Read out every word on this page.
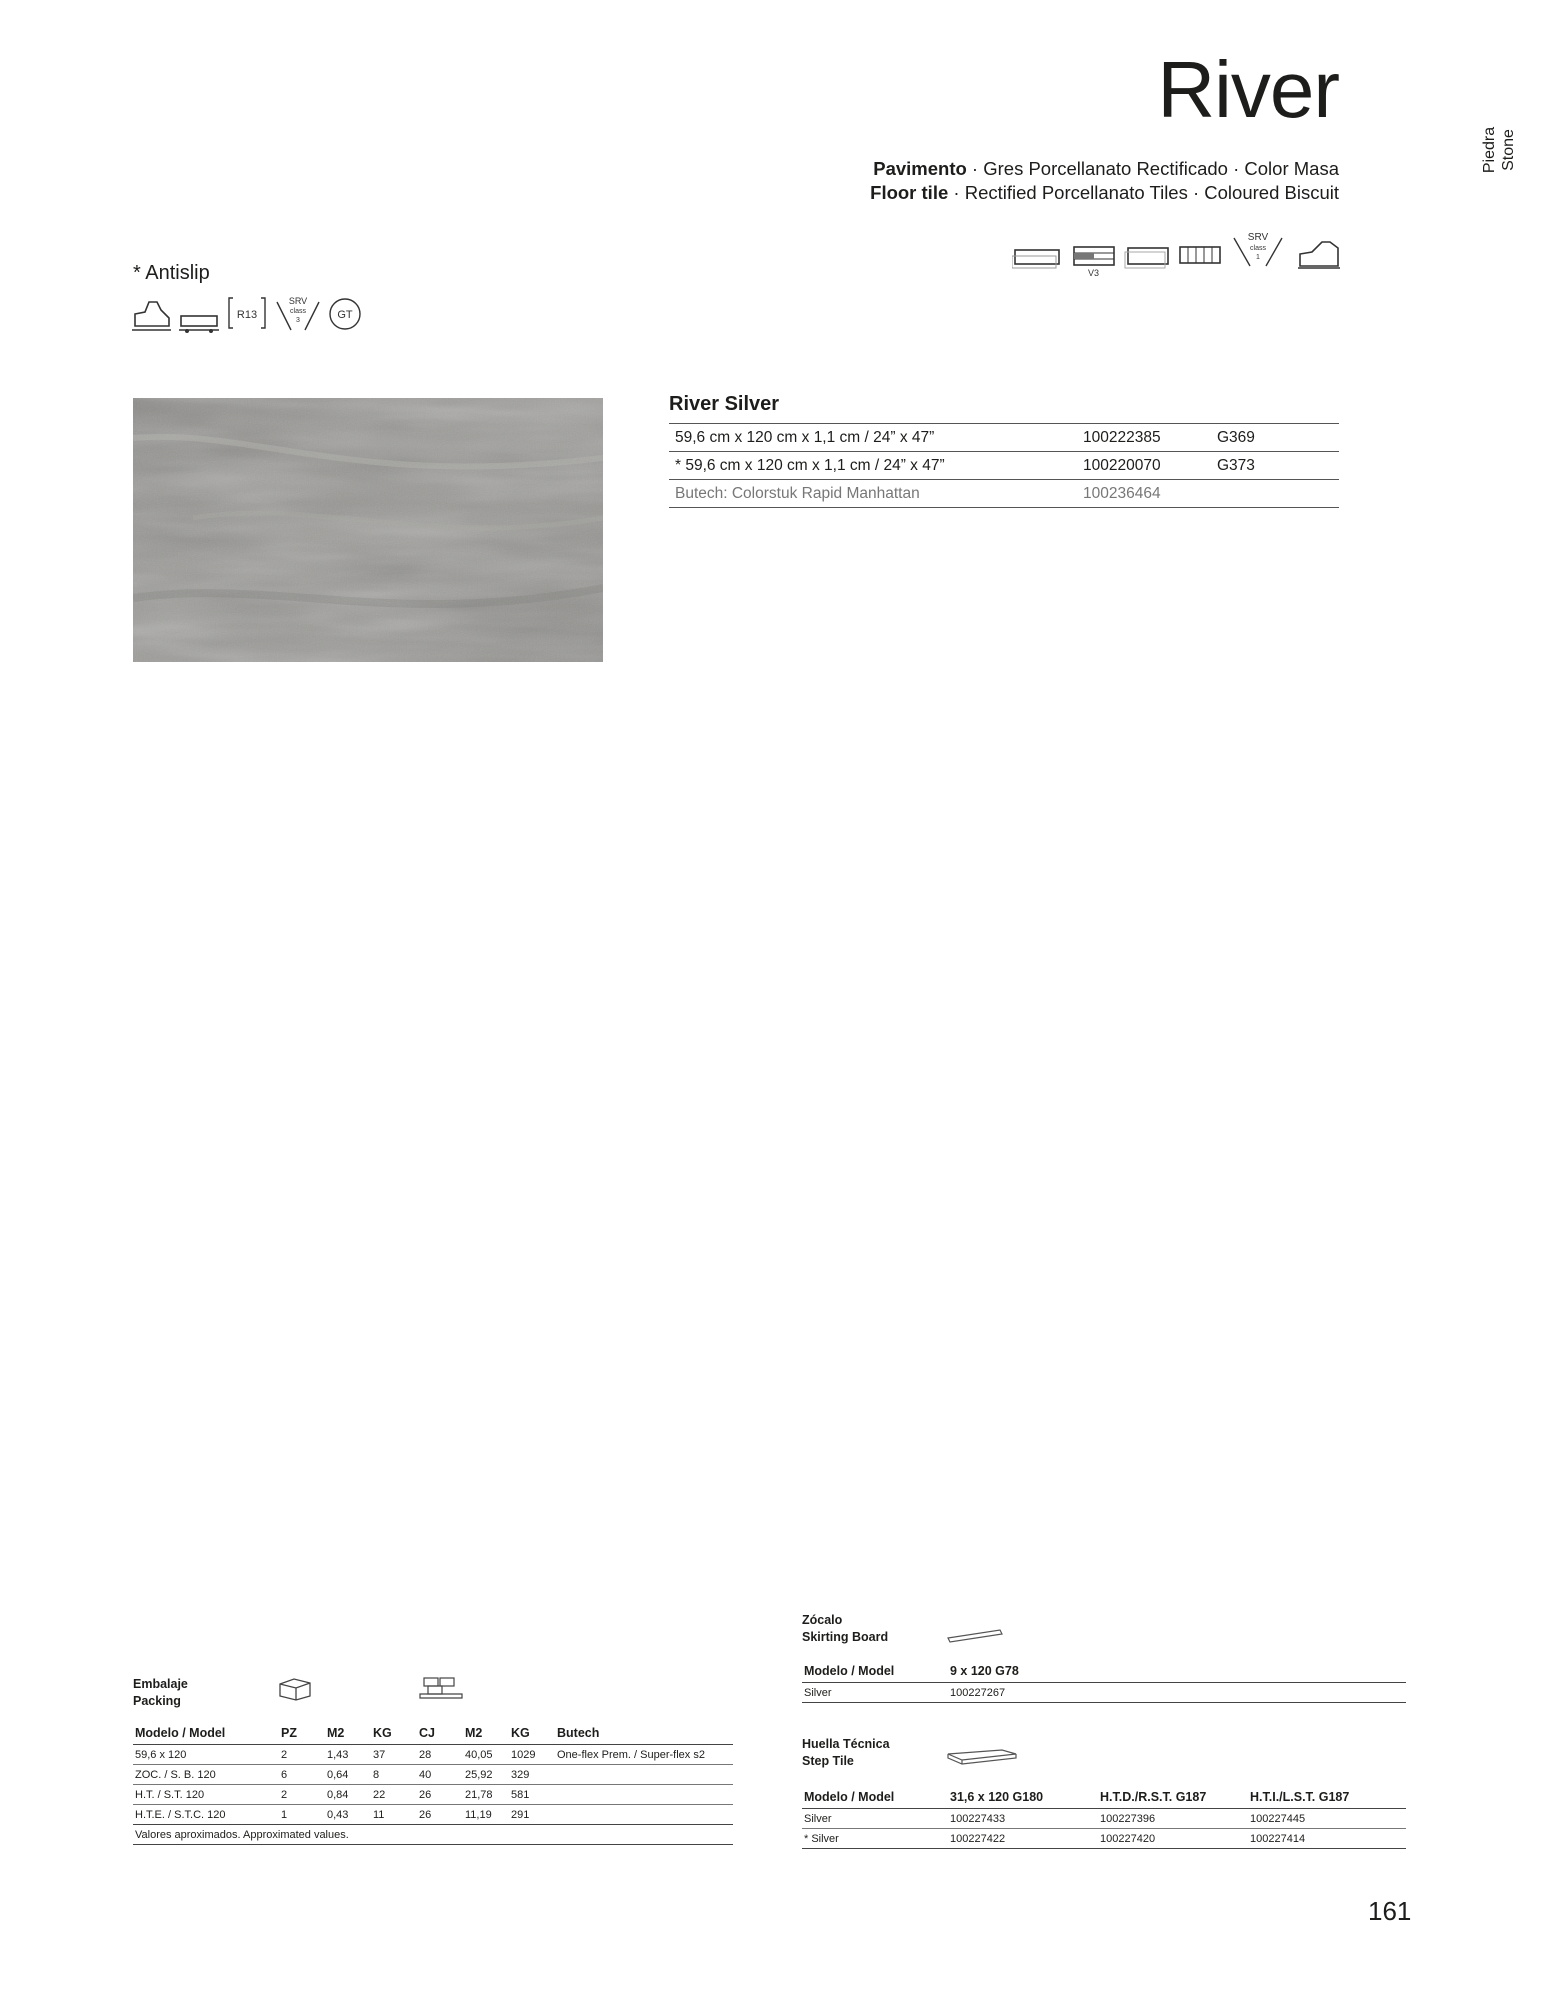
River
Pavimento · Gres Porcellanato Rectificado · Color Masa
Floor tile · Rectified Porcellanato Tiles · Coloured Biscuit
Piedra Stone
V3
SRV
class
1
* Antislip
R13
SRV
class
3	GT
River Silver
59,6 cm x 120 cm x 1,1 cm / 24” x 47”	100222385	G369
* 59,6 cm x 120 cm x 1,1 cm / 24” x 47”	100220070	G373
Butech: Colorstuk Rapid Manhattan	100236464	
Embalaje
Packing
Modelo / Model	PZ	M2	KG	CJ	M2	KG	Butech
59,6 x 120	2	1,43	37	28	40,05	1029	One-flex Prem. / Super-flex s2
ZOC. / S. B. 120	6	0,64	8	40	25,92	329	
H.T. / S.T. 120	2	0,84	22	26	21,78	581	
H.T.E. / S.T.C. 120	1	0,43	11	26	11,19	291	
Valores aproximados. Approximated values.							
Zócalo
Skirting Board
Modelo / Model	9 x 120 G78
Silver	100227267
Huella Técnica
Step Tile
Modelo / Model	31,6 x 120 G180	H.T.D./R.S.T. G187	H.T.I./L.S.T. G187
Silver	100227433	100227396	100227445
* Silver	100227422	100227420	100227414
161
